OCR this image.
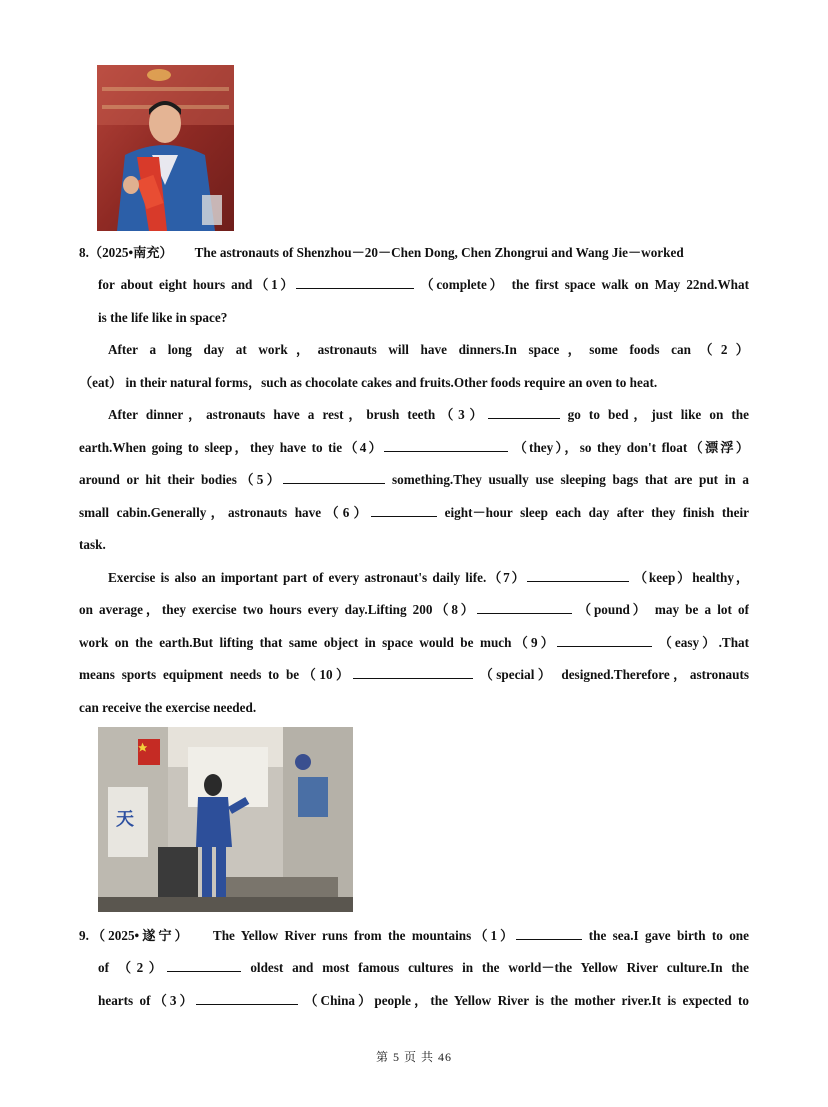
8.（2025•南充） The astronauts of Shenzhou－20－Chen Dong, Chen Zhongrui and Wang Jie－worked
for about eight hours and（1）	（complete） the first space walk on May 22nd.What
is the life like in space?
After a long day at work，astronauts will have dinners.In space，some foods can（2）
（eat） in their natural forms，such as chocolate cakes and fruits.Other foods require an oven to heat.
After dinner，astronauts have a rest，brush teeth（3）	go to bed，just like on the
earth.When going to sleep，they have to tie（4）	（they），so they don't float（漂浮）
around or hit their bodies（5）	something.They usually use sleeping bags that are put in a
small cabin.Generally，astronauts have（6）	eight－hour sleep each day after they finish their
task.
Exercise is also an important part of every astronaut's daily life.（7）	（keep）healthy，
on average，they exercise two hours every day.Lifting 200（8）	（pound） may be a lot of
work on the earth.But lifting that same object in space would be much（9）	（easy）.That
means sports equipment needs to be（10）	（special） designed.Therefore，astronauts
can receive the exercise needed.
天
9.（2025•遂宁） The Yellow River runs from the mountains（1）	the sea.I gave birth to one
of （2）	oldest and most famous cultures in the world－the Yellow River culture.In the
hearts of（3）	（China）people，the Yellow River is the mother river.It is expected to
第 5 页 共 46
